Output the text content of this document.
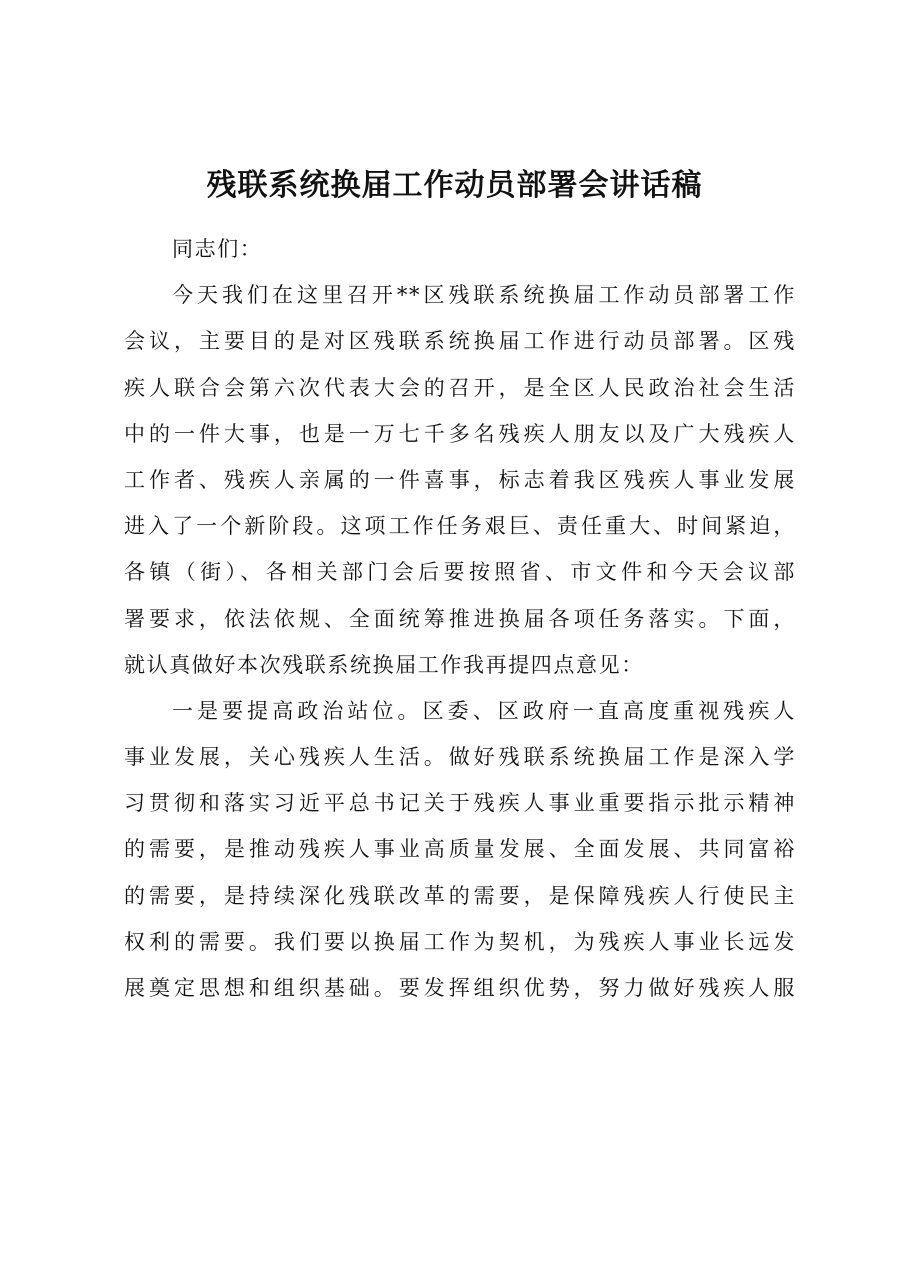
残联系统换届工作动员部署会讲话稿
同志们：
今天我们在这里召开**区残联系统换届工作动员部署工作
会议，主要目的是对区残联系统换届工作进行动员部署。区残
疾人联合会第六次代表大会的召开，是全区人民政治社会生活
中的一件大事，也是一万七千多名残疾人朋友以及广大残疾人
工作者、残疾人亲属的一件喜事，标志着我区残疾人事业发展
进入了一个新阶段。这项工作任务艰巨、责任重大、时间紧迫，
各镇（街）、各相关部门会后要按照省、市文件和今天会议部
署要求，依法依规、全面统筹推进换届各项任务落实。下面，
就认真做好本次残联系统换届工作我再提四点意见：
一是要提高政治站位。区委、区政府一直高度重视残疾人
事业发展，关心残疾人生活。做好残联系统换届工作是深入学
习贯彻和落实习近平总书记关于残疾人事业重要指示批示精神
的需要，是推动残疾人事业高质量发展、全面发展、共同富裕
的需要，是持续深化残联改革的需要，是保障残疾人行使民主
权利的需要。我们要以换届工作为契机，为残疾人事业长远发
展奠定思想和组织基础。要发挥组织优势，努力做好残疾人服
